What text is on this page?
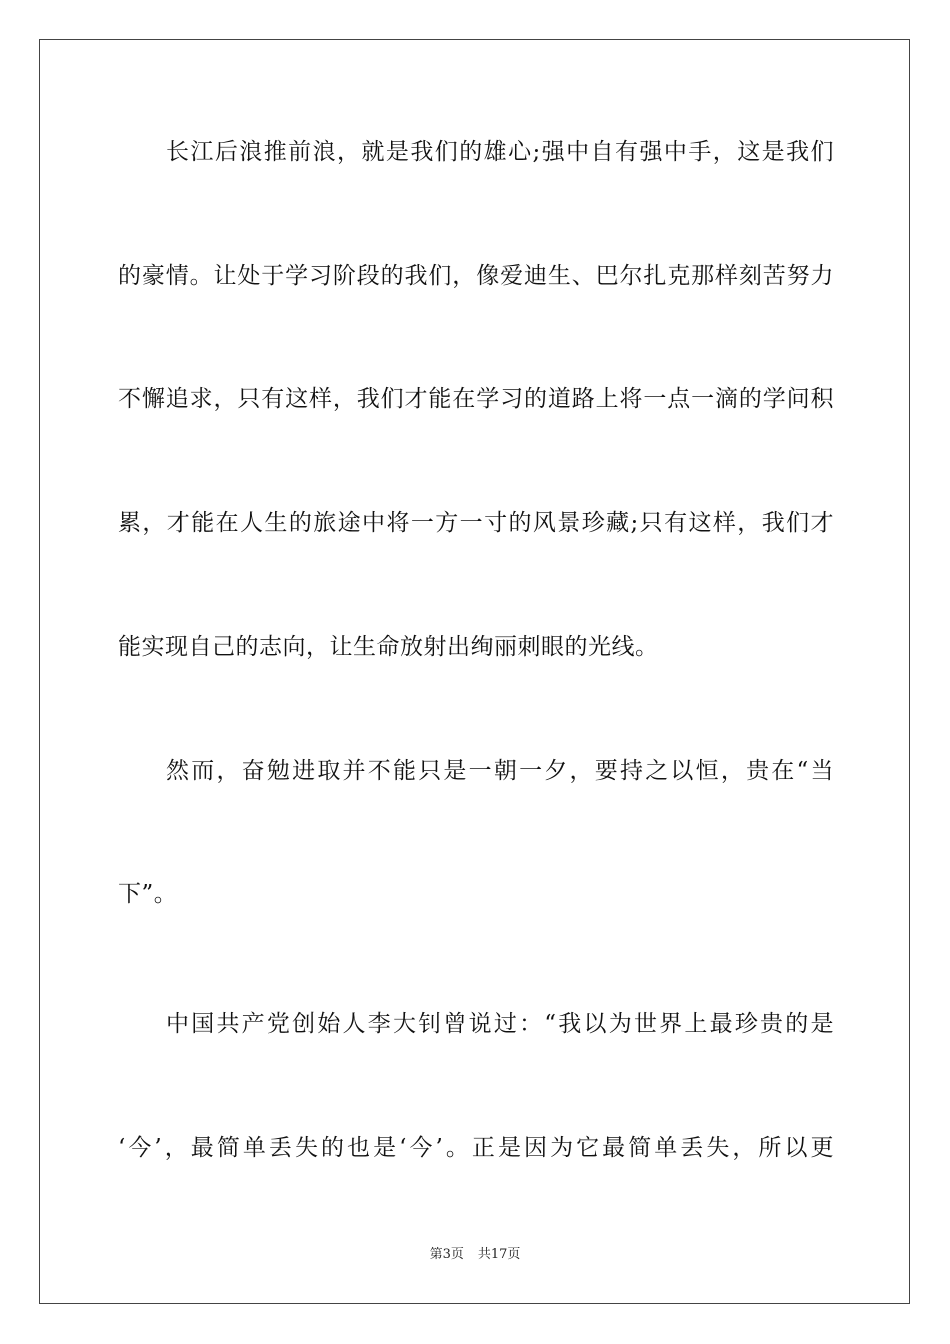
长江后浪推前浪，就是我们的雄心;强中自有强中手，这是我们
的豪情。让处于学习阶段的我们，像爱迪生、巴尔扎克那样刻苦努力
不懈追求，只有这样，我们才能在学习的道路上将一点一滴的学问积
累，才能在人生的旅途中将一方一寸的风景珍藏;只有这样，我们才
能实现自己的志向，让生命放射出绚丽刺眼的光线。
然而，奋勉进取并不能只是一朝一夕，要持之以恒，贵在“当
下”。
中国共产党创始人李大钊曾说过：“我以为世界上最珍贵的是
‘今’，最简单丢失的也是‘今’。正是因为它最简单丢失，所以更
第3页 共17页
